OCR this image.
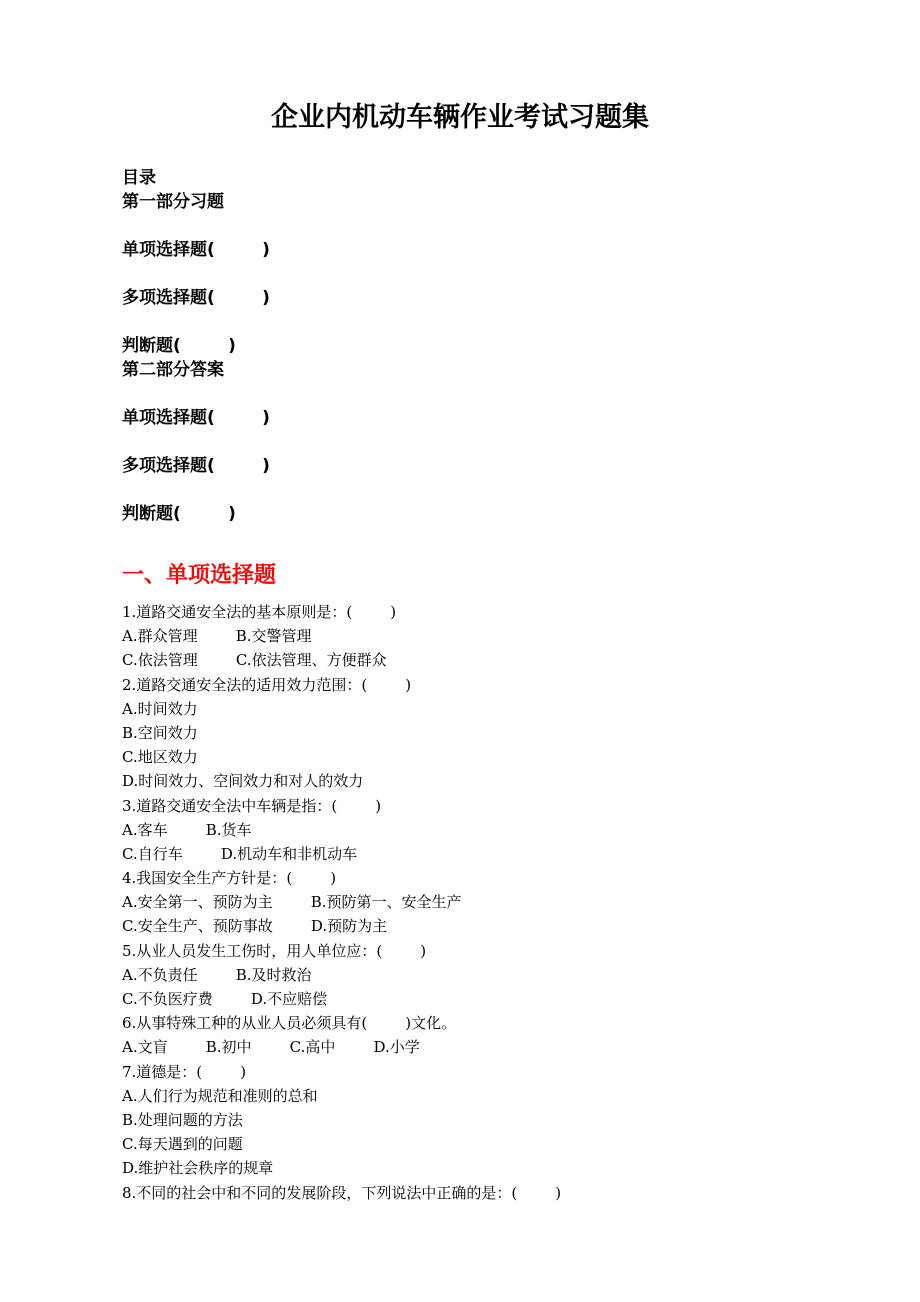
企业内机动车辆作业考试习题集
目录
第一部分习题
单项选择题(        )
多项选择题(        )
判断题(        )
第二部分答案
单项选择题(        )
多项选择题(        )
判断题(        )
一、单项选择题
1.道路交通安全法的基本原则是：(        )
A.群众管理        B.交警管理
C.依法管理        C.依法管理、方便群众
2.道路交通安全法的适用效力范围：(        )
A.时间效力
B.空间效力
C.地区效力
D.时间效力、空间效力和对人的效力
3.道路交通安全法中车辆是指：(        )
A.客车        B.货车
C.自行车        D.机动车和非机动车
4.我国安全生产方针是：(        )
A.安全第一、预防为主        B.预防第一、安全生产
C.安全生产、预防事故        D.预防为主
5.从业人员发生工伤时，用人单位应：(        )
A.不负责任        B.及时救治
C.不负医疗费        D.不应赔偿
6.从事特殊工种的从业人员必须具有(        )文化。
A.文盲        B.初中        C.高中        D.小学
7.道德是：(        )
A.人们行为规范和准则的总和
B.处理问题的方法
C.每天遇到的问题
D.维护社会秩序的规章
8.不同的社会中和不同的发展阶段，下列说法中正确的是：(        )
